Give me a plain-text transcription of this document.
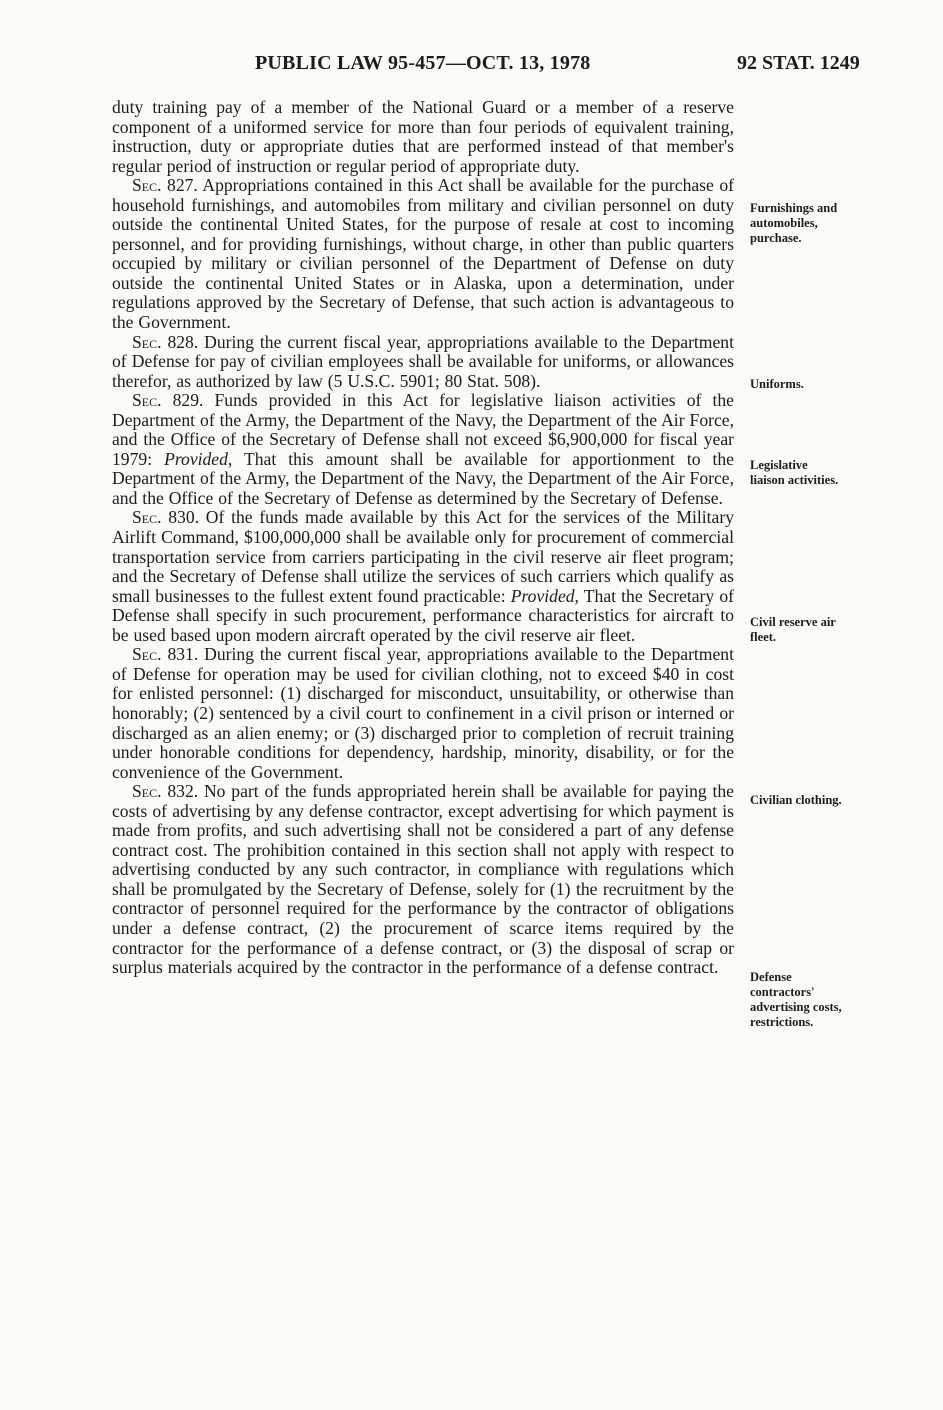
PUBLIC LAW 95-457—OCT. 13, 1978	92 STAT. 1249

duty training pay of a member of the National Guard or a member of a reserve component of a uniformed service for more than four periods of equivalent training, instruction, duty or appropriate duties that are performed instead of that member's regular period of instruction or regular period of appropriate duty.

Sec. 827. Appropriations contained in this Act shall be available for the purchase of household furnishings, and automobiles from military and civilian personnel on duty outside the continental United States, for the purpose of resale at cost to incoming personnel, and for providing furnishings, without charge, in other than public quarters occupied by military or civilian personnel of the Department of Defense on duty outside the continental United States or in Alaska, upon a determination, under regulations approved by the Secretary of Defense, that such action is advantageous to the Government.

Sec. 828. During the current fiscal year, appropriations available to the Department of Defense for pay of civilian employees shall be available for uniforms, or allowances therefor, as authorized by law (5 U.S.C. 5901; 80 Stat. 508).

Sec. 829. Funds provided in this Act for legislative liaison activities of the Department of the Army, the Department of the Navy, the Department of the Air Force, and the Office of the Secretary of Defense shall not exceed $6,900,000 for fiscal year 1979: Provided, That this amount shall be available for apportionment to the Department of the Army, the Department of the Navy, the Department of the Air Force, and the Office of the Secretary of Defense as determined by the Secretary of Defense.

Sec. 830. Of the funds made available by this Act for the services of the Military Airlift Command, $100,000,000 shall be available only for procurement of commercial transportation service from carriers participating in the civil reserve air fleet program; and the Secretary of Defense shall utilize the services of such carriers which qualify as small businesses to the fullest extent found practicable: Provided, That the Secretary of Defense shall specify in such procurement, performance characteristics for aircraft to be used based upon modern aircraft operated by the civil reserve air fleet.

Sec. 831. During the current fiscal year, appropriations available to the Department of Defense for operation may be used for civilian clothing, not to exceed $40 in cost for enlisted personnel: (1) discharged for misconduct, unsuitability, or otherwise than honorably; (2) sentenced by a civil court to confinement in a civil prison or interned or discharged as an alien enemy; or (3) discharged prior to completion of recruit training under honorable conditions for dependency, hardship, minority, disability, or for the convenience of the Government.

Sec. 832. No part of the funds appropriated herein shall be available for paying the costs of advertising by any defense contractor, except advertising for which payment is made from profits, and such advertising shall not be considered a part of any defense contract cost. The prohibition contained in this section shall not apply with respect to advertising conducted by any such contractor, in compliance with regulations which shall be promulgated by the Secretary of Defense, solely for (1) the recruitment by the contractor of personnel required for the performance by the contractor of obligations under a defense contract, (2) the procurement of scarce items required by the contractor for the performance of a defense contract, or (3) the disposal of scrap or surplus materials acquired by the contractor in the performance of a defense contract.

Furnishings and
automobiles,
purchase.
Uniforms.
Legislative
liaison activities.
Civil reserve air
fleet.
Civilian clothing.
Defense
contractors'
advertising costs,
restrictions.
